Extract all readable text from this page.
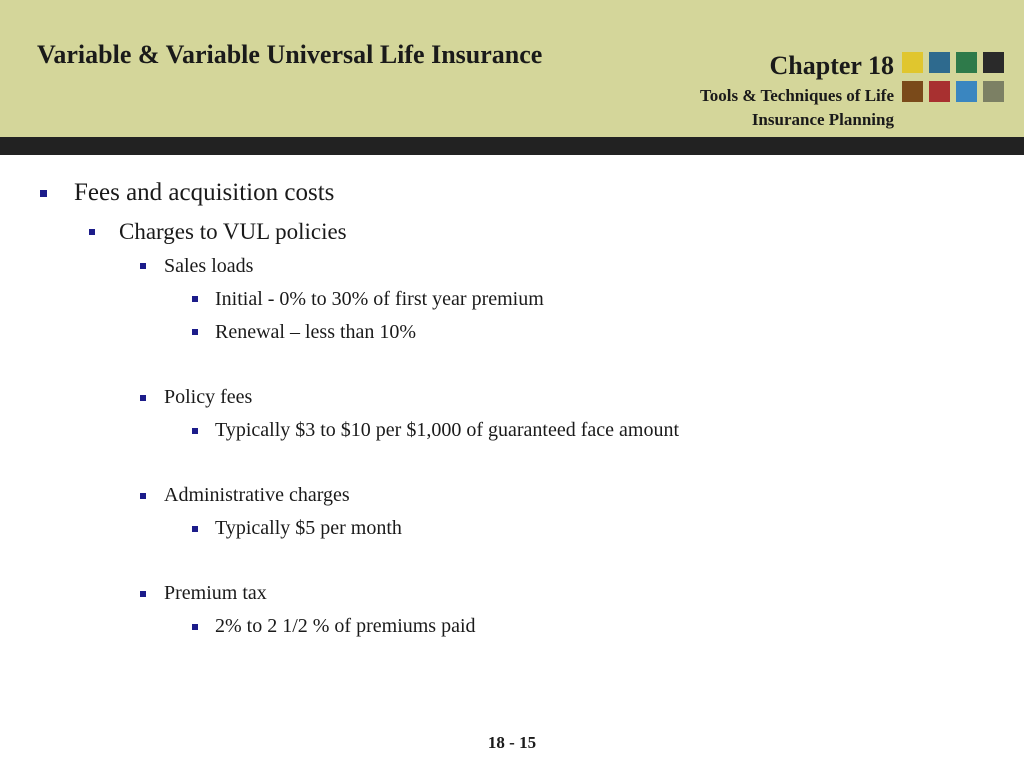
Variable & Variable Universal Life Insurance	Chapter 18
Tools & Techniques of Life
Insurance Planning
Fees and acquisition costs
Charges to VUL policies
Sales loads
Initial - 0% to 30% of first year premium
Renewal – less than 10%
Policy fees
Typically $3 to $10 per $1,000 of guaranteed face amount
Administrative charges
Typically $5 per month
Premium tax
2% to 2 1/2 % of premiums paid
18 - 15
